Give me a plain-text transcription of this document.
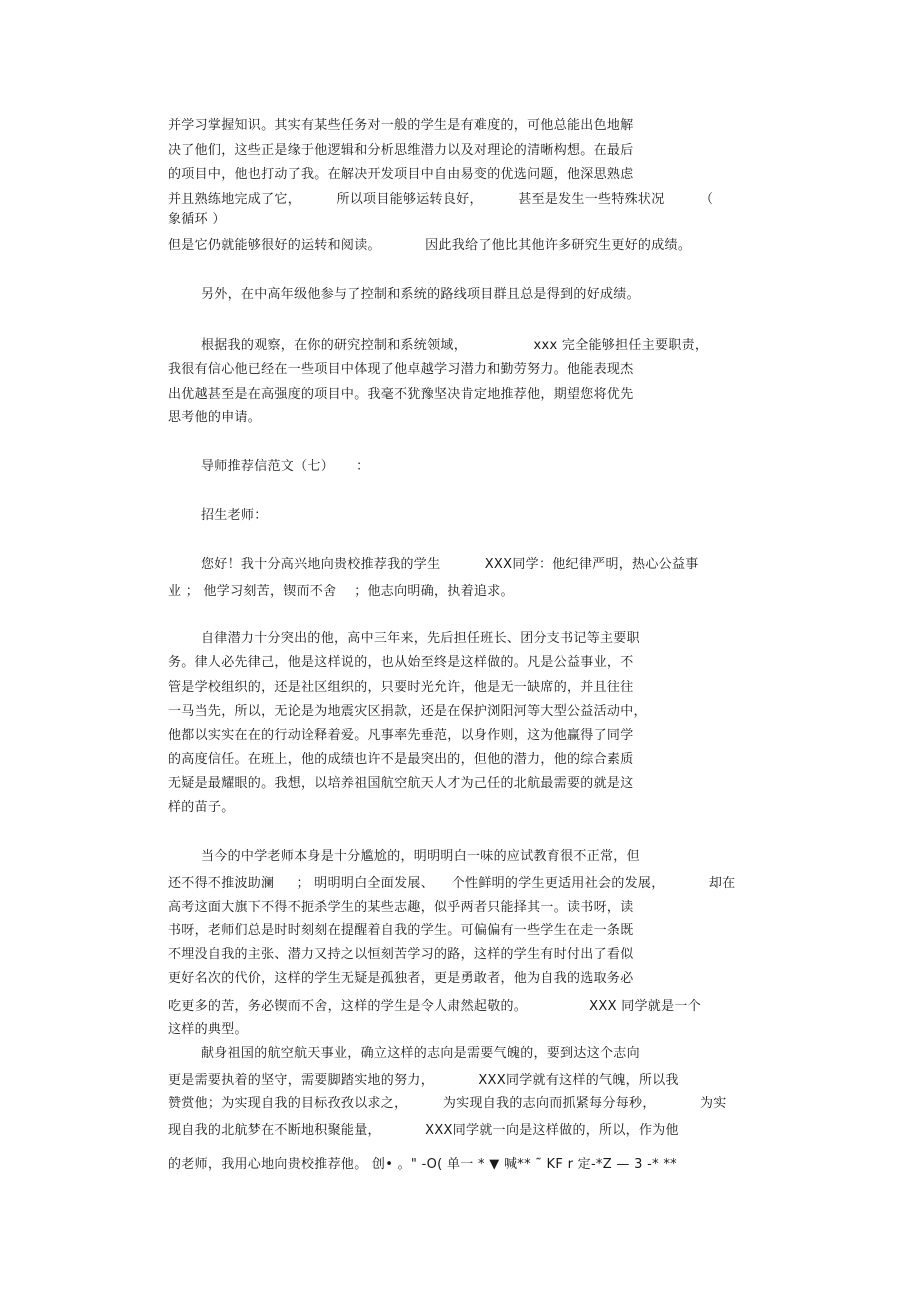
并学习掌握知识。其实有某些任务对一般的学生是有难度的，可他总能出色地解
决了他们，这些正是缘于他逻辑和分析思维潜力以及对理论的清晰构想。在最后
的项目中，他也打动了我。在解决开发项目中自由易变的优选问题，他深思熟虑
并且熟练地完成了它，        所以项目能够运转良好，        甚至是发生一些特殊状况        （
象循环 ）
但是它仍就能够很好的运转和阅读。          因此我给了他比其他许多研究生更好的成绩。
另外，在中高年级他参与了控制和系统的路线项目群且总是得到的好成绩。
根据我的观察，在你的研究控制和系统领域，               xxx 完全能够担任主要职责，
我很有信心他已经在一些项目中体现了他卓越学习潜力和勤劳努力。他能表现杰
出优越甚至是在高强度的项目中。我毫不犹豫坚决肯定地推荐他，期望您将优先
思考他的申请。
导师推荐信范文（七）     ：
招生老师：
您好！我十分高兴地向贵校推荐我的学生          XXX同学：他纪律严明，热心公益事
业 ； 他学习刻苦，锲而不舍    ；他志向明确，执着追求。
自律潜力十分突出的他，高中三年来，先后担任班长、团分支书记等主要职
务。律人必先律己，他是这样说的，也从始至终是这样做的。凡是公益事业，不
管是学校组织的，还是社区组织的，只要时光允许，他是无一缺席的，并且往往
一马当先，所以，无论是为地震灾区捐款，还是在保护浏阳河等大型公益活动中，
他都以实实在在的行动诠释着爱。凡事率先垂范，以身作则，这为他赢得了同学
的高度信任。在班上，他的成绩也许不是最突出的，但他的潜力，他的综合素质
无疑是最耀眼的。我想，以培养祖国航空航天人才为己任的北航最需要的就是这
样的苗子。
当今的中学老师本身是十分尴尬的，明明明白一味的应试教育很不正常，但
还不得不推波助澜     ； 明明明白全面发展、    个性鲜明的学生更适用社会的发展，          却在
高考这面大旗下不得不扼杀学生的某些志趣，似乎两者只能择其一。读书呀，读
书呀，老师们总是时时刻刻在提醒着自我的学生。可偏偏有一些学生在走一条既
不埋没自我的主张、潜力又持之以恒刻苦学习的路，这样的学生有时付出了看似
更好名次的代价，这样的学生无疑是孤独者，更是勇敢者，他为自我的选取务必
吃更多的苦，务必锲而不舍，这样的学生是令人肃然起敬的。              XXX 同学就是一个
这样的典型。
献身祖国的航空航天事业，确立这样的志向是需要气魄的，要到达这个志向
更是需要执着的坚守，需要脚踏实地的努力，          XXX同学就有这样的气魄，所以我
赞赏他；为实现自我的目标孜孜以求之，        为实现自我的志向而抓紧每分每秒，          为实
现自我的北航梦在不断地积聚能量，          XXX同学就一向是这样做的，所以，作为他
的老师，我用心地向贵校推荐他。 创• 。" -O( 单一 * ▼ 喊** ˜ KF r 定-*Z — 3 -* **
